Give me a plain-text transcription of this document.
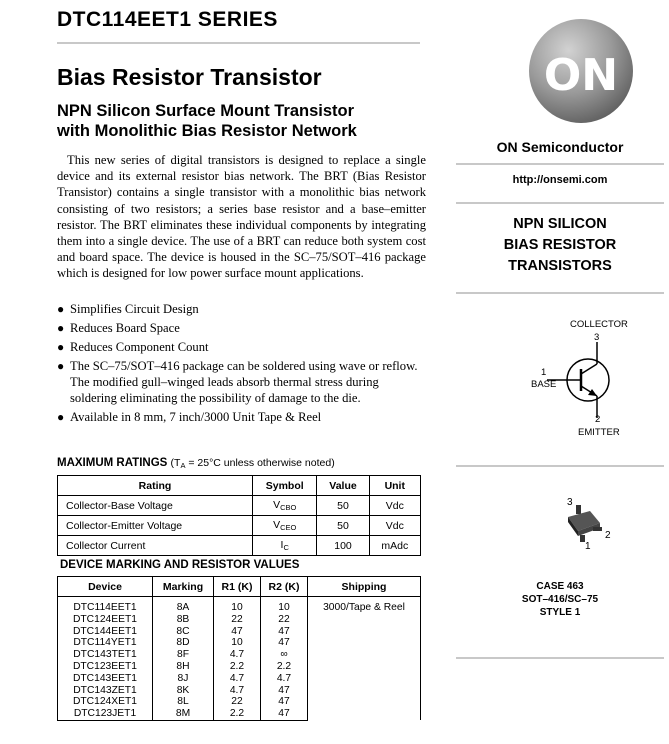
DTC114EET1 SERIES
Bias Resistor Transistor
NPN Silicon Surface Mount Transistor
with Monolithic Bias Resistor Network

This new series of digital transistors is designed to replace a single device and its external resistor bias network. The BRT (Bias Resistor Transistor) contains a single transistor with a monolithic bias network consisting of two resistors; a series base resistor and a base–emitter resistor. The BRT eliminates these individual components by integrating them into a single device. The use of a BRT can reduce both system cost and board space. The device is housed in the SC–75/SOT–416 package which is designed for low power surface mount applications.

● Simplifies Circuit Design
● Reduces Board Space
● Reduces Component Count
● The SC–75/SOT–416 package can be soldered using wave or reflow. The modified gull–winged leads absorb thermal stress during soldering eliminating the possibility of damage to the die.
● Available in 8 mm, 7 inch/3000 Unit Tape & Reel
MAXIMUM RATINGS ($T_A = 25^\circ C$ unless otherwise noted)
Rating	Symbol	Value	Unit
Collector-Base Voltage	$V_{CBO}$	50	Vdc
Collector-Emitter Voltage	$V_{CEO}$	50	Vdc
Collector Current	$I_C$	100	mAdc
DEVICE MARKING AND RESISTOR VALUES
Device	Marking	R1 (K)	R2 (K)	Shipping
DTC114EET1	8A	10	10	3000/Tape & Reel
DTC124EET1	8B	22	22	
DTC144EET1	8C	47	47	
DTC114YET1	8D	10	47	
DTC143TET1	8F	4.7	∞	
DTC123EET1	8H	2.2	2.2	
DTC143EET1	8J	4.7	4.7	
DTC143ZET1	8K	4.7	47	
DTC124XET1	8L	22	47	
DTC123JET1	8M	2.2	47	
ON
ON Semiconductor
http://onsemi.com
NPN SILICON
BIAS RESISTOR
TRANSISTORS
COLLECTOR
3
1
BASE
2
EMITTER
3
2
1
CASE 463
SOT–416/SC–75
STYLE 1
